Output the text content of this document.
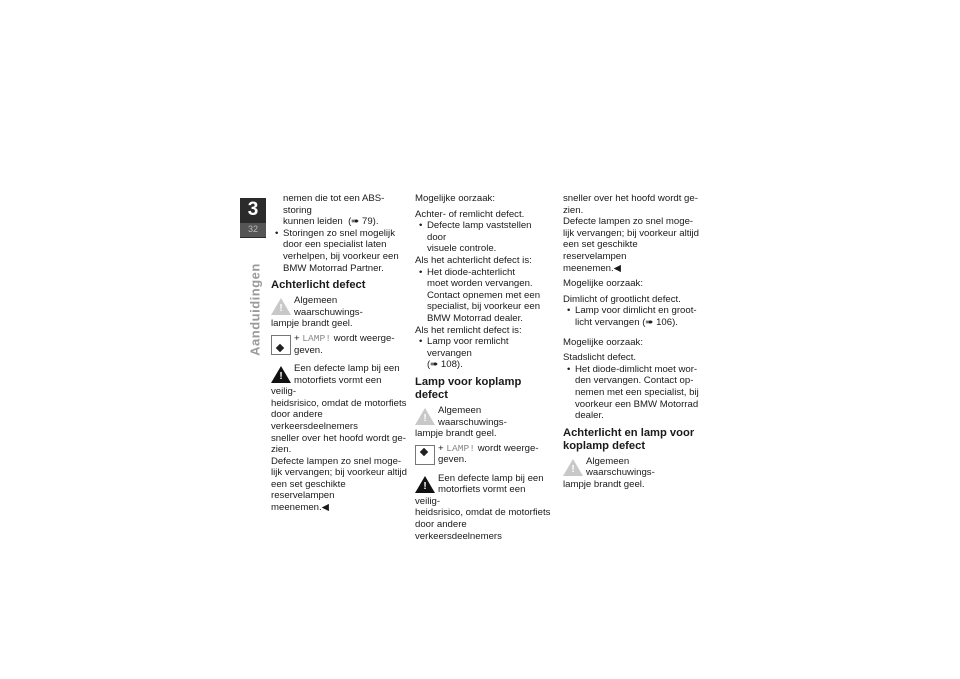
3
32
Aanduidingen

nemen die tot een ABS-storing

kunnen leiden (➠ 79).

• Storingen zo snel mogelijk

door een specialist laten

verhelpen, bij voorkeur een

BMW Motorrad Partner.

Achterlicht defect
!

Algemeen waarschuwings-

lampje brandt geel.

+ LAMP! wordt weerge-

geven.

!

Een defecte lamp bij een

motorfiets vormt een veilig-

heidsrisico, omdat de motorfiets

door andere verkeersdeelnemers

sneller over het hoofd wordt ge-

zien.

Defecte lampen zo snel moge-

lijk vervangen; bij voorkeur altijd

een set geschikte reservelampen

meenemen.◀

Mogelijke oorzaak:

Achter- of remlicht defect.

• Defecte lamp vaststellen door

visuele controle.

Als het achterlicht defect is:

• Het diode-achterlicht

moet worden vervangen.

Contact opnemen met een

specialist, bij voorkeur een

BMW Motorrad dealer.

Als het remlicht defect is:

• Lamp voor remlicht vervangen

(➠ 108).

Lamp voor koplamp
defect
!

Algemeen waarschuwings-

lampje brandt geel.

+ LAMP! wordt weerge-

geven.

!

Een defecte lamp bij een

motorfiets vormt een veilig-

heidsrisico, omdat de motorfiets

door andere verkeersdeelnemers

sneller over het hoofd wordt ge-

zien.

Defecte lampen zo snel moge-

lijk vervangen; bij voorkeur altijd

een set geschikte reservelampen

meenemen.◀

Mogelijke oorzaak:

Dimlicht of grootlicht defect.

• Lamp voor dimlicht en groot-

licht vervangen (➠ 106).

Mogelijke oorzaak:

Stadslicht defect.

• Het diode-dimlicht moet wor-

den vervangen. Contact op-

nemen met een specialist, bij

voorkeur een BMW Motorrad

dealer.

Achterlicht en lamp voor
koplamp defect
!

Algemeen waarschuwings-

lampje brandt geel.
